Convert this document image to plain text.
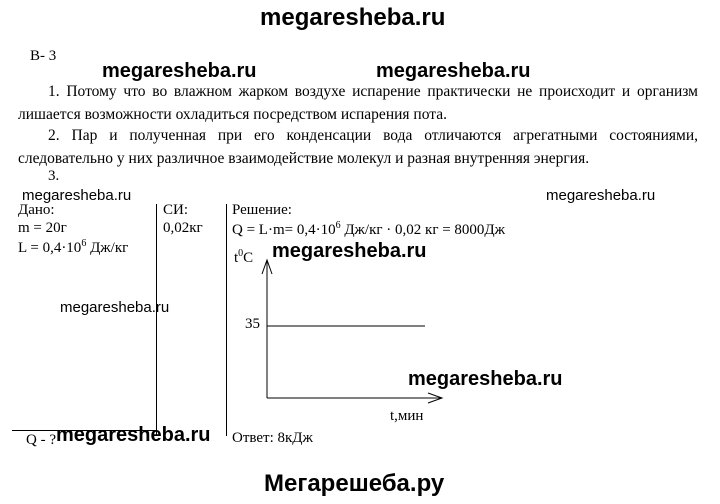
megaresheba.ru
В- 3
megaresheba.ru	megaresheba.ru
1. Потому что во влажном жарком воздухе испарение практически не происходит и организм лишается возможности охладиться посредством испарения пота.
2. Пар и полученная при его конденсации вода отличаются агрегатными состояниями, следовательно у них различное взаимодействие молекул и разная внутренняя энергия.
3.
megaresheba.ru	megaresheba.ru
Дано:
m = 20г
$L = 0,4\cdot 10^6$ Дж/кг
СИ:
0,02кг
Решение:
$Q = L\cdot m= 0,4\cdot 10^6$ Дж/кг · 0,02 кг = 8000Дж
megaresheba.ru
$t^0C$ megaresheba.ru
35
megaresheba.ru
t,мин
Q - ? megaresheba.ru Ответ: 8кДж
Мегарешеба.ру
